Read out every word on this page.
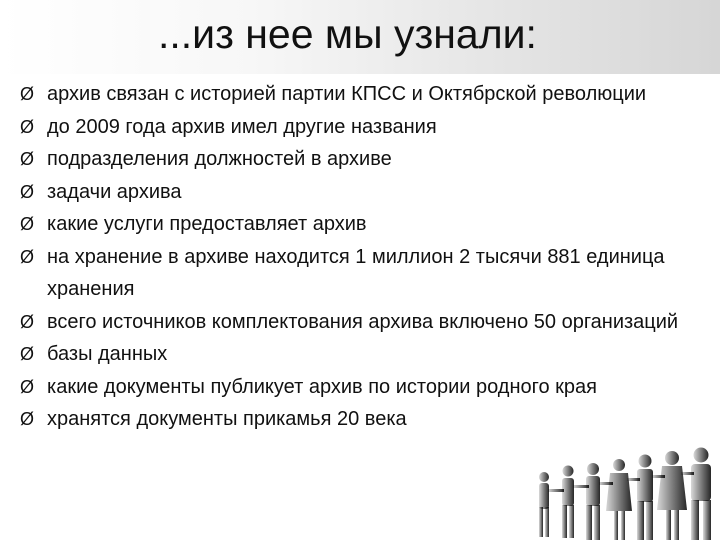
...из нее мы узнали:
Ø архив связан с историей партии КПСС и Октябрской революции
Ø до 2009 года архив имел другие названия
Ø подразделения должностей в архиве
Ø задачи архива
Ø какие услуги предоставляет архив
Ø на хранение в архиве находится 1 миллион 2 тысячи 881 единица хранения
Ø всего источников комплектования архива включено 50 организаций
Ø базы данных
Ø какие документы публикует архив по истории родного края
Ø хранятся документы прикамья 20 века
